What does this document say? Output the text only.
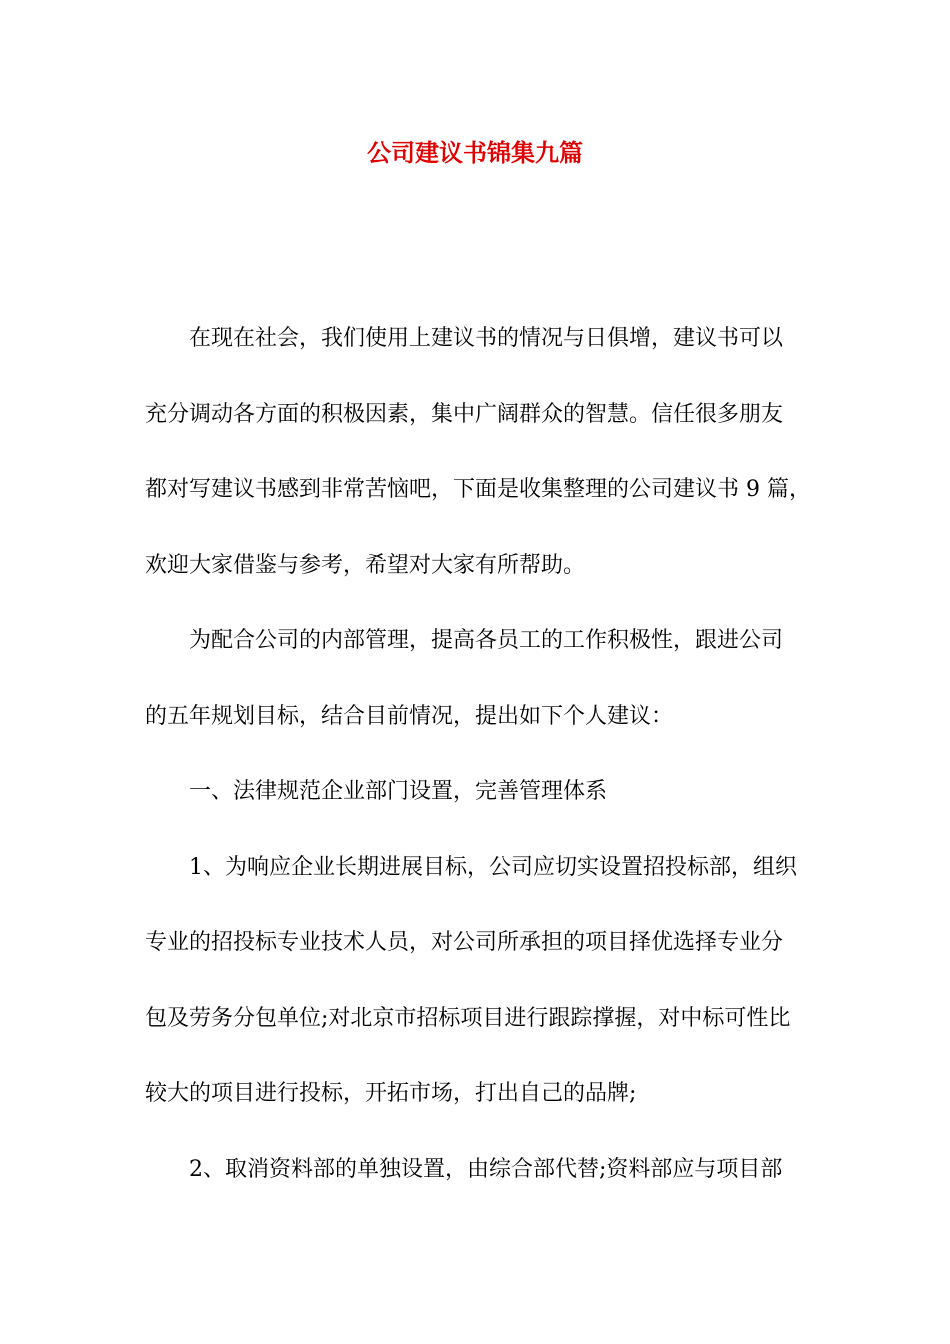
公司建议书锦集九篇
在现在社会，我们使用上建议书的情况与日俱增，建议书可以
充分调动各方面的积极因素，集中广阔群众的智慧。信任很多朋友
都对写建议书感到非常苦恼吧，下面是收集整理的公司建议书 9 篇，
欢迎大家借鉴与参考，希望对大家有所帮助。
为配合公司的内部管理，提高各员工的工作积极性，跟进公司
的五年规划目标，结合目前情况，提出如下个人建议：
一、法律规范企业部门设置，完善管理体系
1、为响应企业长期进展目标，公司应切实设置招投标部，组织
专业的招投标专业技术人员，对公司所承担的项目择优选择专业分
包及劳务分包单位;对北京市招标项目进行跟踪撑握，对中标可性比
较大的项目进行投标，开拓市场，打出自己的品牌;
2、取消资料部的单独设置，由综合部代替;资料部应与项目部
